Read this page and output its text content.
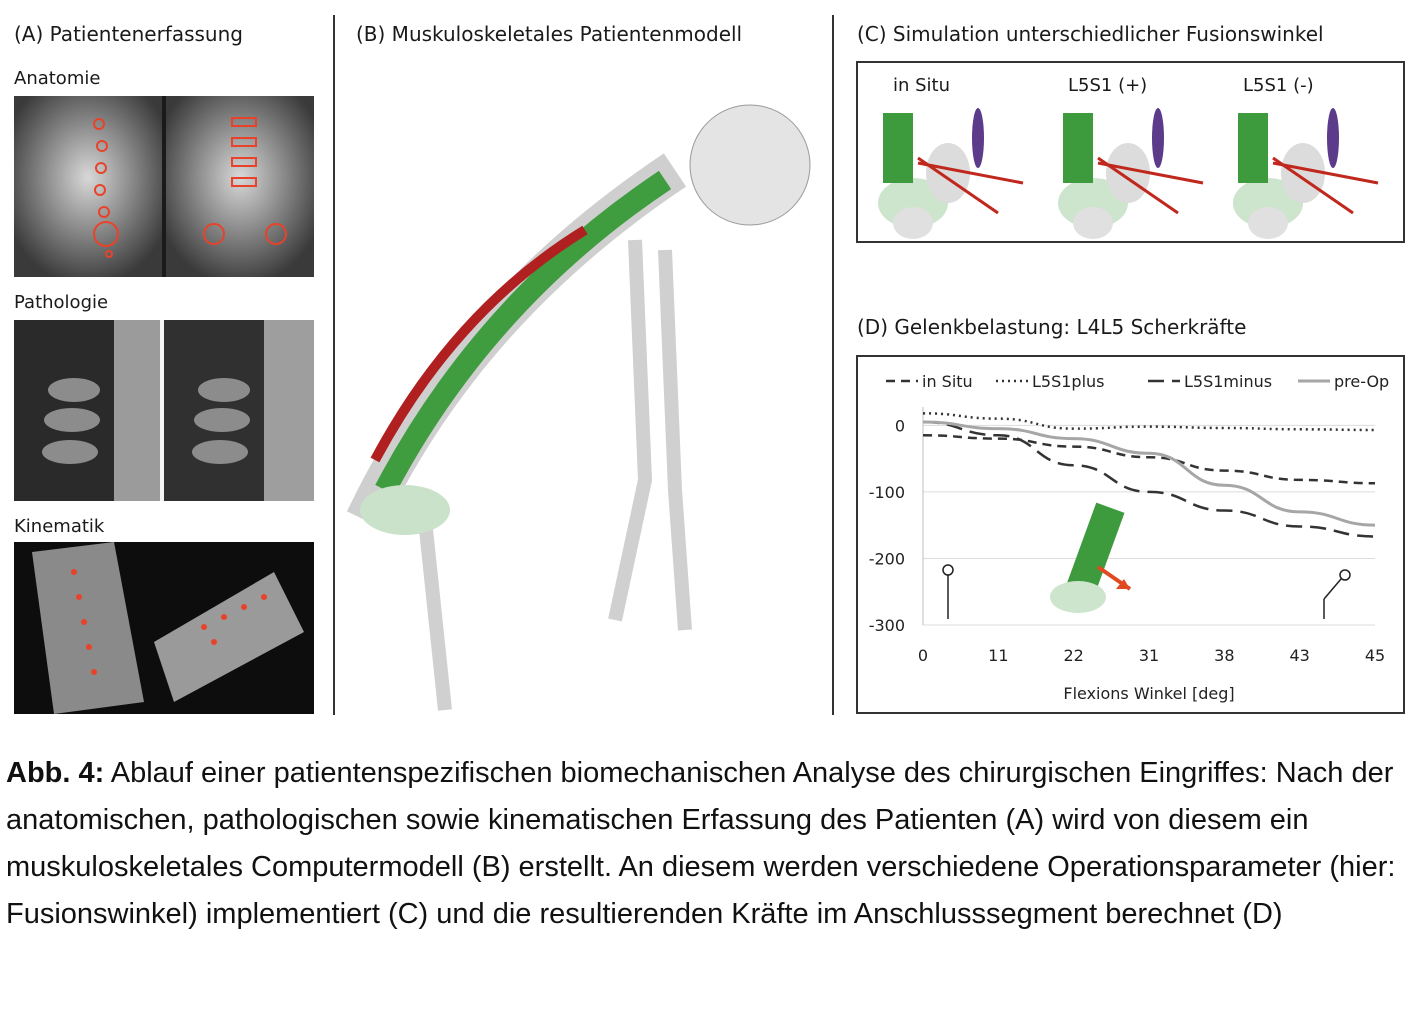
(A) Patientenerfassung
Anatomie
Pathologie
Kinematik
(B) Muskuloskeletales Patientenmodell	(C) Simulation unterschiedlicher Fusionswinkel
in Situ	L5S1 (+)	L5S1 (-)
(D) Gelenkbelastung: L4L5 Scherkräfte
0
-100
-200
-300
0	11	22	31	38	43	45
Flexions Winkel [deg]
in Situ	L5S1plus	L5S1minus	pre-Op
Abb. 4: Ablauf einer patientenspezifischen biomechanischen Analyse des chirurgischen Eingriffes: Nach der anatomischen, pathologischen sowie kinematischen Erfassung des Patienten (A) wird von diesem ein muskuloskeletales Computermodell (B) erstellt. An diesem werden verschiedene Operationsparameter (hier: Fusionswinkel) implementiert (C) und die resultierenden Kräfte im Anschlusssegment berechnet (D)
